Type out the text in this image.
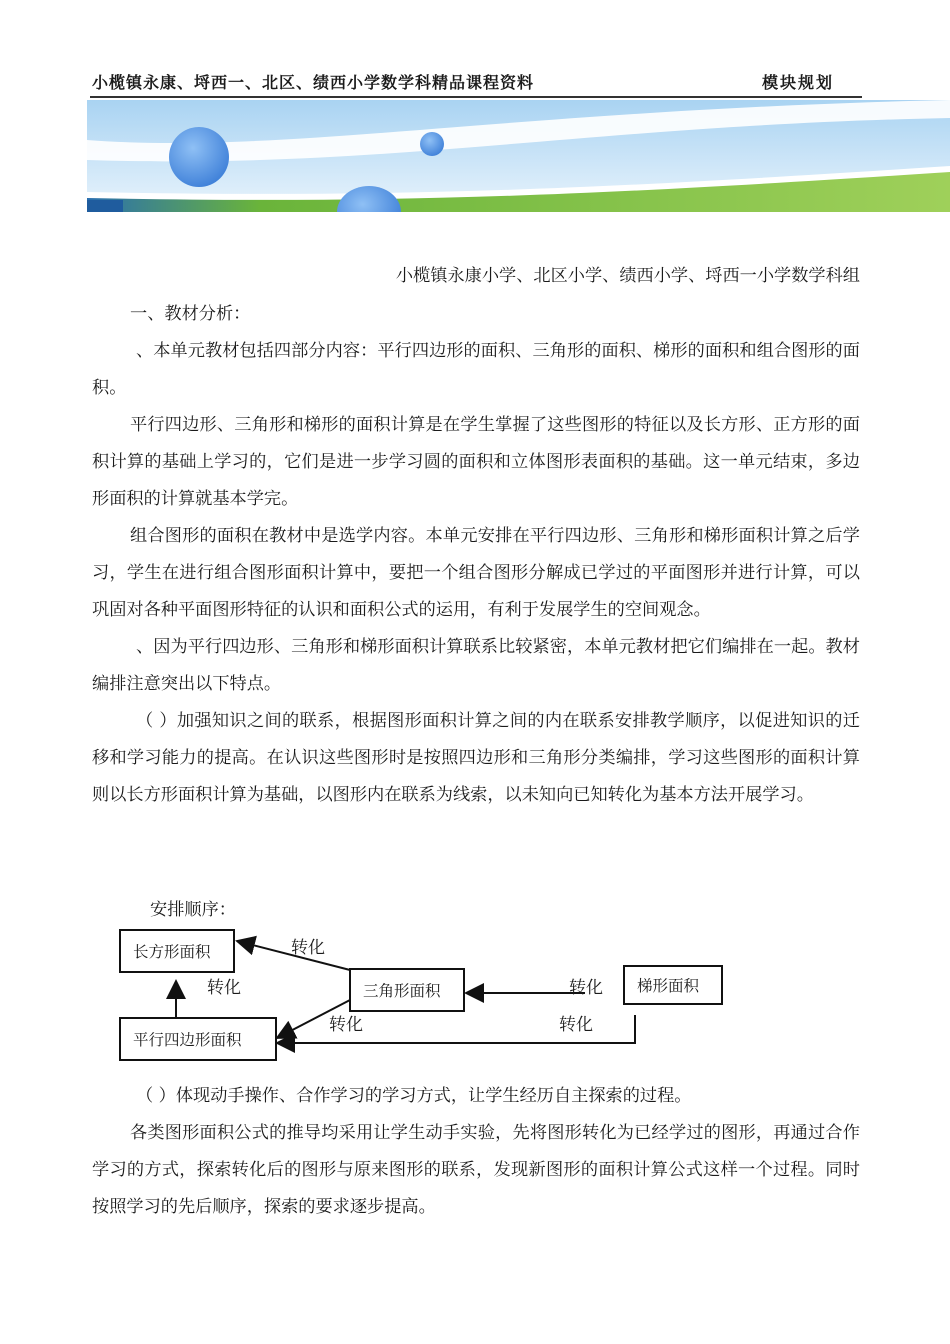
小榄镇永康、埒西一、北区、绩西小学数学科精品课程资料	模块规划
小榄镇永康小学、北区小学、绩西小学、埒西一小学数学科组

一、教材分析：

、本单元教材包括四部分内容：平行四边形的面积、三角形的面积、梯形的面积和组合图形的面积。

平行四边形、三角形和梯形的面积计算是在学生掌握了这些图形的特征以及长方形、正方形的面积计算的基础上学习的，它们是进一步学习圆的面积和立体图形表面积的基础。这一单元结束，多边形面积的计算就基本学完。

组合图形的面积在教材中是选学内容。本单元安排在平行四边形、三角形和梯形面积计算之后学习，学生在进行组合图形面积计算中，要把一个组合图形分解成已学过的平面图形并进行计算，可以巩固对各种平面图形特征的认识和面积公式的运用，有利于发展学生的空间观念。

、因为平行四边形、三角形和梯形面积计算联系比较紧密，本单元教材把它们编排在一起。教材编排注意突出以下特点。

（ ）加强知识之间的联系，根据图形面积计算之间的内在联系安排教学顺序，以促进知识的迁移和学习能力的提高。在认识这些图形时是按照四边形和三角形分类编排，学习这些图形的面积计算则以长方形面积计算为基础，以图形内在联系为线索，以未知向已知转化为基本方法开展学习。

安排顺序：
长方形面积
三角形面积	梯形面积
平行四边形面积
转化
转化	转化
转化	转化

（ ）体现动手操作、合作学习的学习方式，让学生经历自主探索的过程。

各类图形面积公式的推导均采用让学生动手实验，先将图形转化为已经学过的图形，再通过合作学习的方式，探索转化后的图形与原来图形的联系，发现新图形的面积计算公式这样一个过程。同时按照学习的先后顺序，探索的要求逐步提高。
